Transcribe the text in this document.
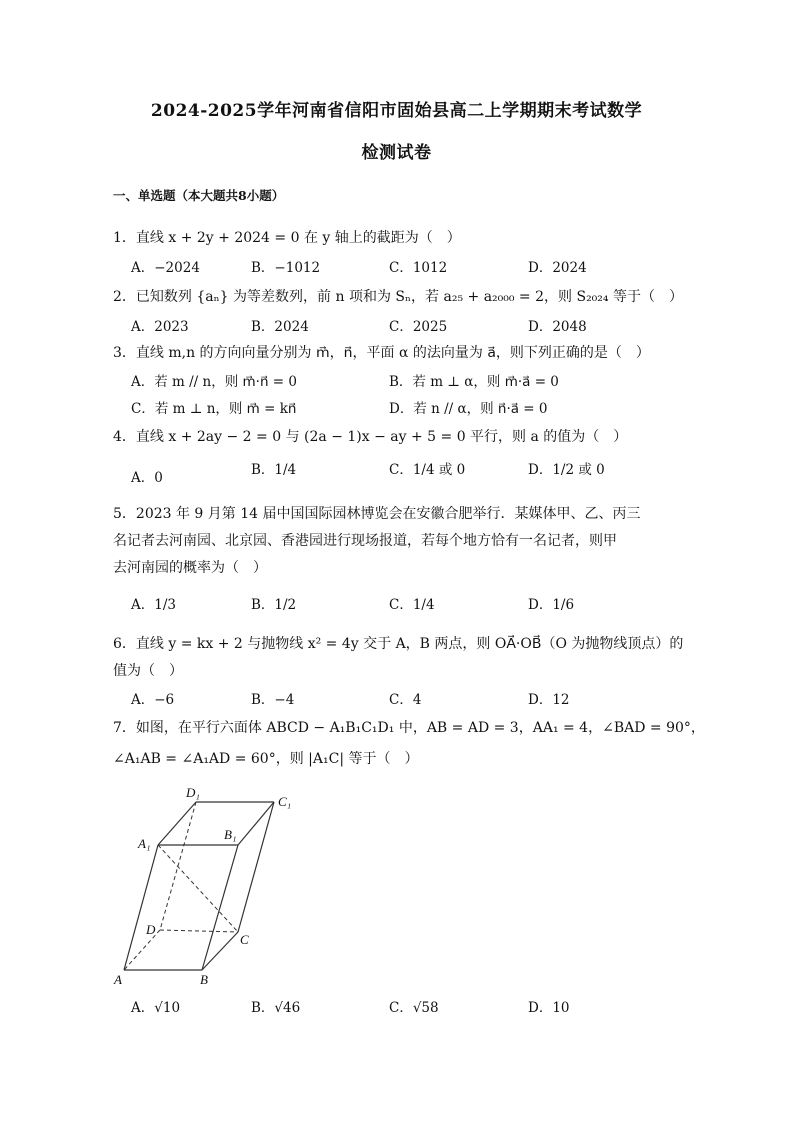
2024-2025学年河南省信阳市固始县高二上学期期末考试数学
检测试卷
一、单选题（本大题共8小题）
1．直线 x + 2y + 2024 = 0 在 y 轴上的截距为（　）
A．−2024	B．−1012	C．1012	D．2024
2．已知数列 {aₙ} 为等差数列，前 n 项和为 Sₙ，若 a₂₅ + a₂₀₀₀ = 2，则 S₂₀₂₄ 等于（　）
A．2023	B．2024	C．2025	D．2048
3．直线 m,n 的方向向量分别为 m⃗，n⃗，平面 α 的法向量为 a⃗，则下列正确的是（　）
A．若 m // n，则 m⃗·n⃗ = 0	B．若 m ⊥ α，则 m⃗·a⃗ = 0
C．若 m ⊥ n，则 m⃗ = kn⃗	D．若 n // α，则 n⃗·a⃗ = 0
4．直线 x + 2ay − 2 = 0 与 (2a − 1)x − ay + 5 = 0 平行，则 a 的值为（　）
A．0	B．1/4	C．1/4 或 0	D．1/2 或 0
5．2023 年 9 月第 14 届中国国际园林博览会在安徽合肥举行．某媒体甲、乙、丙三
名记者去河南园、北京园、香港园进行现场报道，若每个地方恰有一名记者，则甲
去河南园的概率为（　）
A．1/3	B．1/2	C．1/4	D．1/6
6．直线 y = kx + 2 与抛物线 x² = 4y 交于 A，B 两点，则 OA⃗·OB⃗（O 为抛物线顶点）的
值为（　）
A．−6	B．−4	C．4	D．12
7．如图，在平行六面体 ABCD − A₁B₁C₁D₁ 中，AB = AD = 3，AA₁ = 4，∠BAD = 90°，
∠A₁AB = ∠A₁AD = 60°，则 |A₁C| 等于（　）
D₁
C₁
A₁
B₁
D
C
A	B
A．√10	B．√46	C．√58	D．10
